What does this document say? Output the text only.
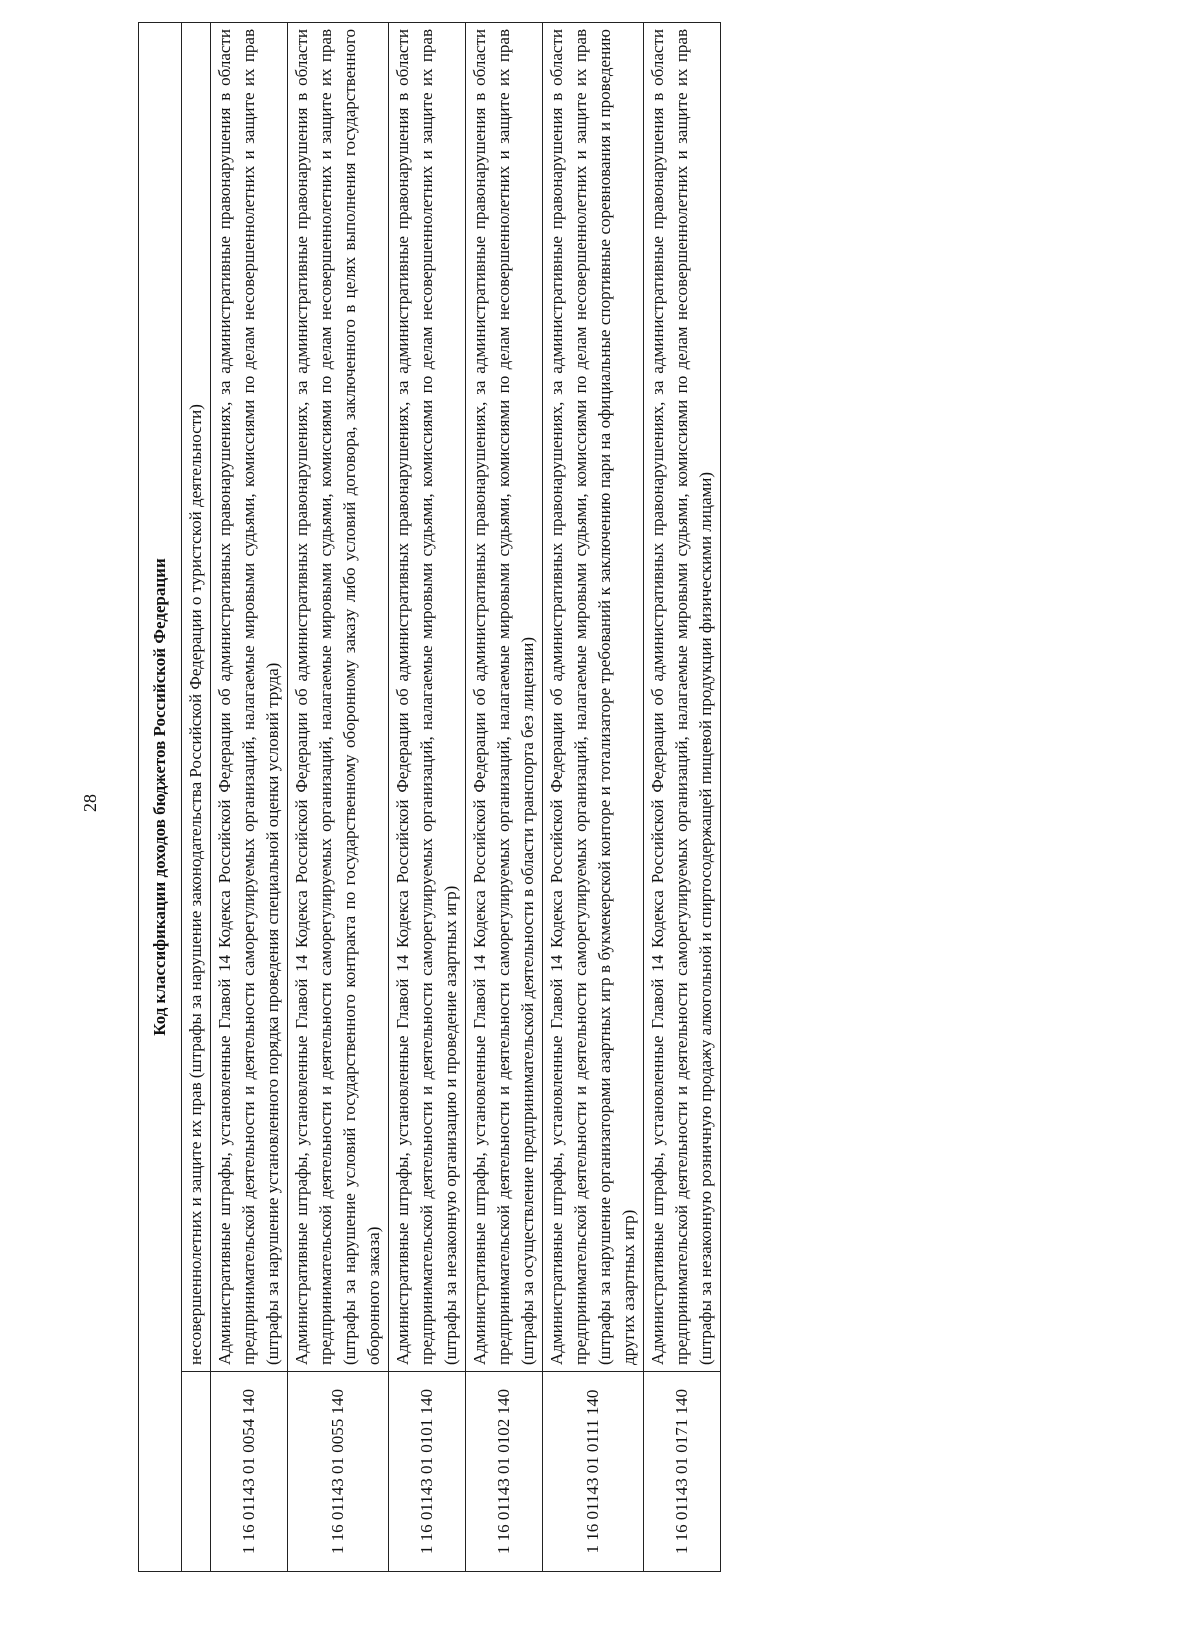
28	Код классификации доходов бюджетов Российской Федерации	
	несовершеннолетних и защите их прав (штрафы за нарушение законодательства Российской Федерации о туристской деятельности)
1 16 01143 01 0054 140	Административные штрафы, установленные Главой 14 Кодекса Российской Федерации об административных правонарушениях, за административные правонарушения в области предпринимательской деятельности и деятельности саморегулируемых организаций, налагаемые мировыми судьями, комиссиями по делам несовершеннолетних и защите их прав (штрафы за нарушение установленного порядка проведения специальной оценки условий труда)
1 16 01143 01 0055 140	Административные штрафы, установленные Главой 14 Кодекса Российской Федерации об административных правонарушениях, за административные правонарушения в области предпринимательской деятельности и деятельности саморегулируемых организаций, налагаемые мировыми судьями, комиссиями по делам несовершеннолетних и защите их прав (штрафы за нарушение условий государственного контракта по государственному оборонному заказу либо условий договора, заключенного в целях выполнения государственного оборонного заказа)
1 16 01143 01 0101 140	Административные штрафы, установленные Главой 14 Кодекса Российской Федерации об административных правонарушениях, за административные правонарушения в области предпринимательской деятельности и деятельности саморегулируемых организаций, налагаемые мировыми судьями, комиссиями по делам несовершеннолетних и защите их прав (штрафы за незаконную организацию и проведение азартных игр)
1 16 01143 01 0102 140	Административные штрафы, установленные Главой 14 Кодекса Российской Федерации об административных правонарушениях, за административные правонарушения в области предпринимательской деятельности и деятельности саморегулируемых организаций, налагаемые мировыми судьями, комиссиями по делам несовершеннолетних и защите их прав (штрафы за осуществление предпринимательской деятельности в области транспорта без лицензии)
1 16 01143 01 0111 140	Административные штрафы, установленные Главой 14 Кодекса Российской Федерации об административных правонарушениях, за административные правонарушения в области предпринимательской деятельности и деятельности саморегулируемых организаций, налагаемые мировыми судьями, комиссиями по делам несовершеннолетних и защите их прав (штрафы за нарушение организаторами азартных игр в букмекерской конторе и тотализаторе требований к заключению пари на официальные спортивные соревнования и проведению других азартных игр)
1 16 01143 01 0171 140	Административные штрафы, установленные Главой 14 Кодекса Российской Федерации об административных правонарушениях, за административные правонарушения в области предпринимательской деятельности и деятельности саморегулируемых организаций, налагаемые мировыми судьями, комиссиями по делам несовершеннолетних и защите их прав (штрафы за незаконную розничную продажу алкогольной и спиртосодержащей пищевой продукции физическими лицами)
